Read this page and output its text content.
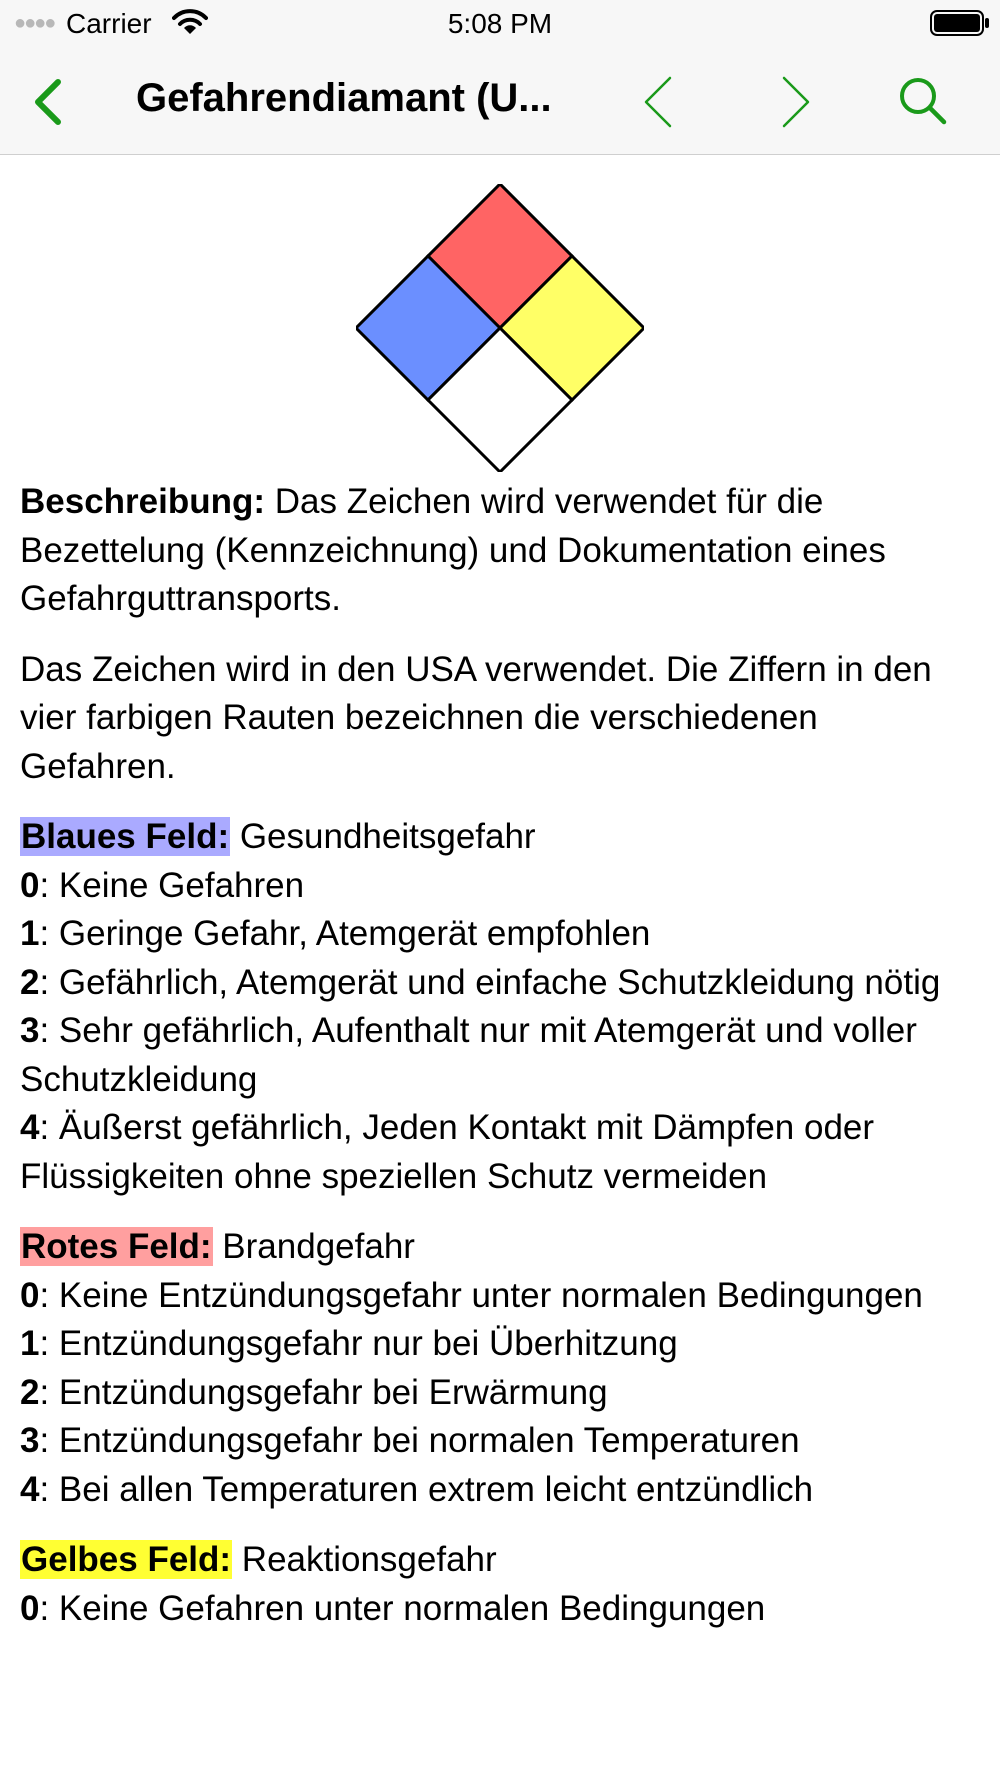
●●●● Carrier	5:08 PM
Gefahrendiamant (U...

Beschreibung: Das Zeichen wird verwendet für die Bezettelung (Kennzeichnung) und Dokumentation eines Gefahrguttransports.

Das Zeichen wird in den USA verwendet. Die Ziffern in den vier farbigen Rauten bezeichnen die verschiedenen Gefahren.

Blaues Feld: Gesundheitsgefahr
0: Keine Gefahren
1: Geringe Gefahr, Atemgerät empfohlen
2: Gefährlich, Atemgerät und einfache Schutzkleidung nötig
3: Sehr gefährlich, Aufenthalt nur mit Atemgerät und voller Schutzkleidung
4: Äußerst gefährlich, Jeden Kontakt mit Dämpfen oder Flüssigkeiten ohne speziellen Schutz vermeiden
Rotes Feld: Brandgefahr
0: Keine Entzündungsgefahr unter normalen Bedingungen
1: Entzündungsgefahr nur bei Überhitzung
2: Entzündungsgefahr bei Erwärmung
3: Entzündungsgefahr bei normalen Temperaturen
4: Bei allen Temperaturen extrem leicht entzündlich
Gelbes Feld: Reaktionsgefahr
0: Keine Gefahren unter normalen Bedingungen
